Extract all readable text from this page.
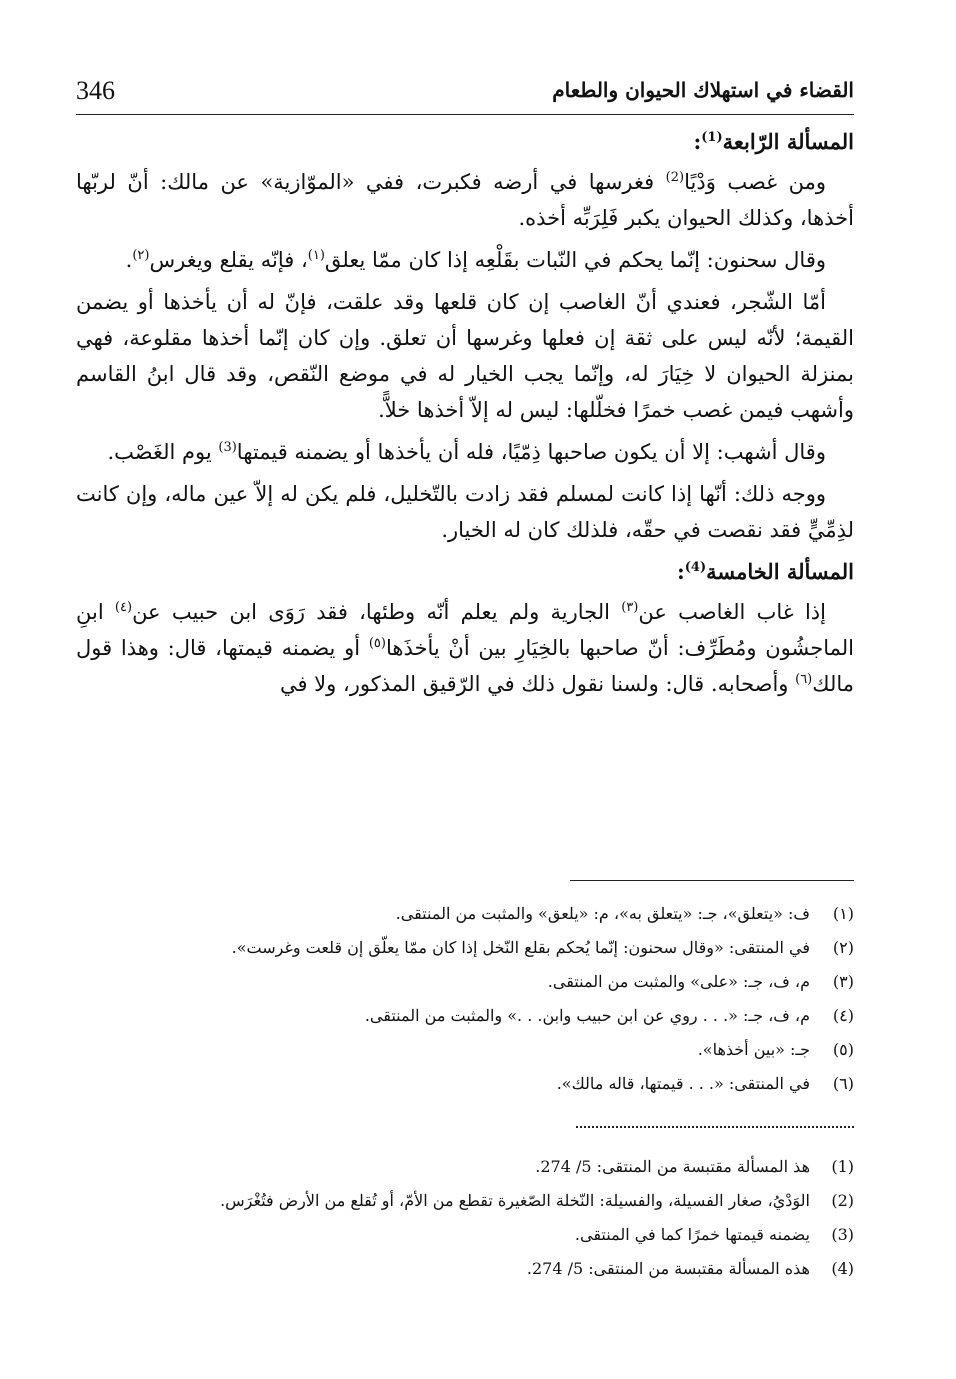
346	القضاء في استهلاك الحيوان والطعام

المسألة الرّابعة$^{(1)}$:

ومن غصب وَدْيًا$^{(2)}$ فغرسها في أرضه فكبرت، ففي «الموّازية» عن مالك: أنّ لربّها أخذها، وكذلك الحيوان يكبر فَلِرَبِّه أخذه.

وقال سحنون: إنّما يحكم في النّبات بقَلْعِه إذا كان ممّا يعلق$^{(١)}$، فإنّه يقلع ويغرس$^{(٢)}$.

أمّا الشّجر، فعندي أنّ الغاصب إن كان قلعها وقد علقت، فإنّ له أن يأخذها أو يضمن القيمة؛ لأنّه ليس على ثقة إن فعلها وغرسها أن تعلق. وإن كان إنّما أخذها مقلوعة، فهي بمنزلة الحيوان لا خِيَارَ له، وإنّما يجب الخيار له في موضع النّقص، وقد قال ابنُ القاسم وأشهب فيمن غصب خمرًا فخلّلها: ليس له إلاّ أخذها خلاًّ.

وقال أشهب: إلا أن يكون صاحبها ذِمّيًا، فله أن يأخذها أو يضمنه قيمتها$^{(3)}$ يوم الغَصْب.

ووجه ذلك: أنّها إذا كانت لمسلم فقد زادت بالتّخليل، فلم يكن له إلاّ عين ماله، وإن كانت لذِمِّيٍّ فقد نقصت في حقّه، فلذلك كان له الخيار.

المسألة الخامسة$^{(4)}$:

إذا غاب الغاصب عن$^{(٣)}$ الجارية ولم يعلم أنّه وطئها، فقد رَوَى ابن حبيب عن$^{(٤)}$ ابنِ الماجشُون ومُطَرِّف: أنّ صاحبها بالخِيَارِ بين أنْ يأخذَها$^{(٥)}$ أو يضمنه قيمتها، قال: وهذا قول مالك$^{(٦)}$ وأصحابه. قال: ولسنا نقول ذلك في الرّقيق المذكور، ولا في

(١)
ف: «يتعلق»، جـ: «يتعلق به»، م: «يلعق» والمثبت من المنتقى.
(٢)
في المنتقى: «وقال سحنون: إنّما يُحكم بقلع النّخل إذا كان ممّا يعلّق إن قلعت وغرست».
(٣)
م، ف، جـ: «على» والمثبت من المنتقى.
(٤)
م، ف، جـ: «. . . روي عن ابن حبيب وابن. . .» والمثبت من المنتقى.
(٥)
جـ: «بين أخذها».
(٦)
في المنتقى: «. . . قيمتها، قاله مالك».
(1)
هذ المسألة مقتبسة من المنتقى: 5/ 274.
(2)
الوَدْيُ، صغار الفسيلة، والفسيلة: النّخلة الصّغيرة تقطع من الأمّ، أو تُقلع من الأرض فتُغْرَس.
(3)
يضمنه قيمتها خمرًا كما في المنتقى.
(4)
هذه المسألة مقتبسة من المنتقى: 5/ 274.
